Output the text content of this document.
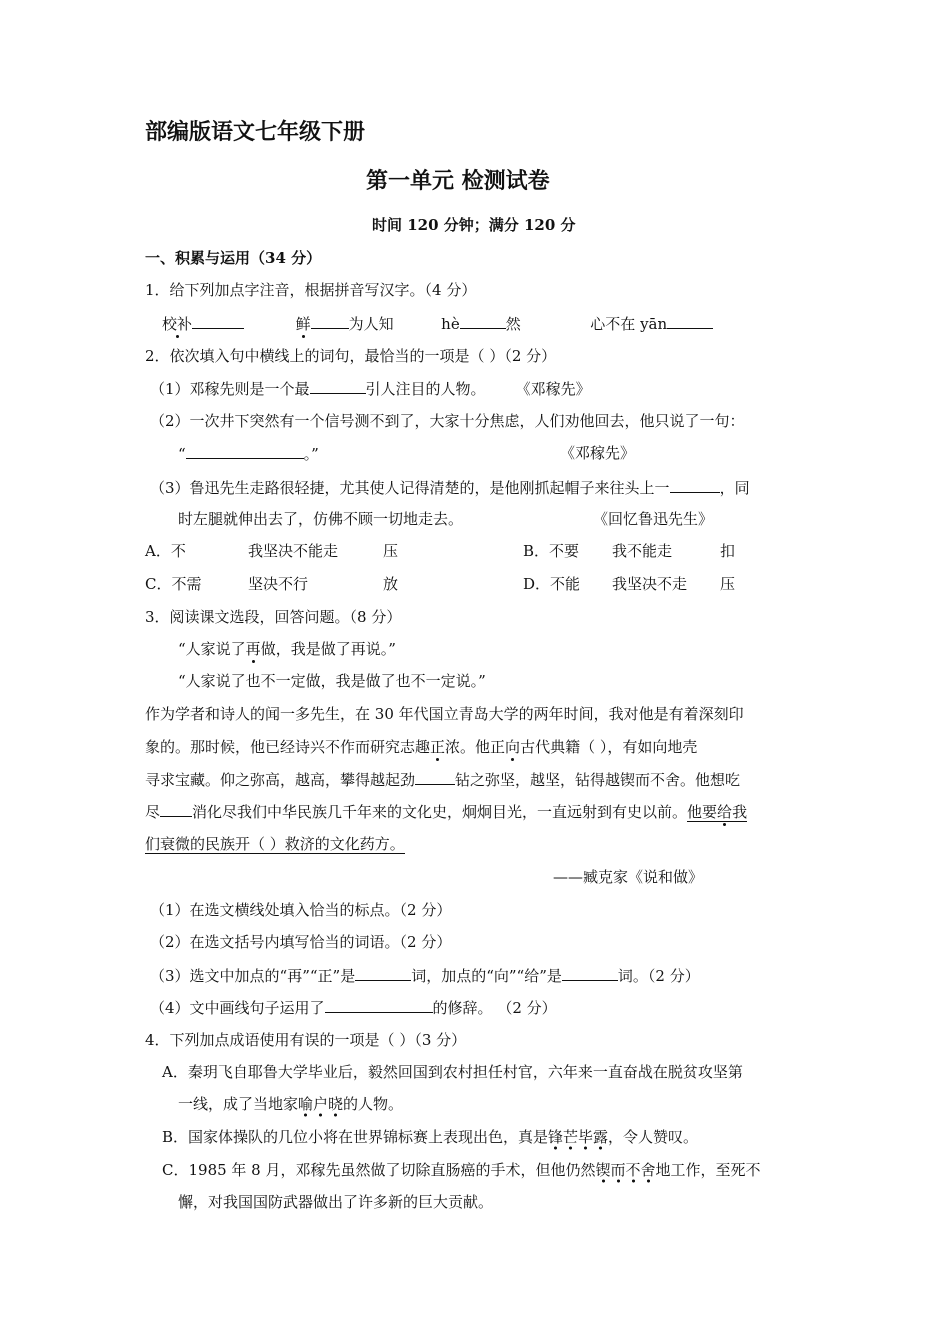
部编版语文七年级下册
第一单元 检测试卷
时间 120 分钟；满分 120 分
一、积累与运用（34 分）
1．给下列加点字注音，根据拼音写汉字。（4 分）
校补	鲜	为人知	hè	然	心不在 yān
2．依次填入句中横线上的词句，最恰当的一项是（ ）（2 分）
（1）邓稼先则是一个最	引人注目的人物。 《邓稼先》
（2）一次井下突然有一个信号测不到了，大家十分焦虑，人们劝他回去，他只说了一句：
“	。”	《邓稼先》
（3）鲁迅先生走路很轻捷，尤其使人记得清楚的，是他刚抓起帽子来往头上一	，同
时左腿就伸出去了，仿佛不顾一切地走去。	《回忆鲁迅先生》
A．不	我坚决不能走	压	B．不要 我不能走	扣
C．不需	坚决不行	放	D．不能 我坚决不走 压
3．阅读课文选段，回答问题。（8 分）
“人家说了再做，我是做了再说。”
“人家说了也不一定做，我是做了也不一定说。”
作为学者和诗人的闻一多先生，在 30 年代国立青岛大学的两年时间，我对他是有着深刻印
象的。那时候，他已经诗兴不作而研究志趣正浓。他正向古代典籍（ ），有如向地壳
寻求宝藏。仰之弥高，越高，攀得越起劲	钻之弥坚，越坚，钻得越锲而不舍。他想吃
尽 消化尽我们中华民族几千年来的文化史，炯炯目光，一直远射到有史以前。他要给我
们衰微的民族开（ ）救济的文化药方。
——臧克家《说和做》
（1）在选文横线处填入恰当的标点。（2 分）
（2）在选文括号内填写恰当的词语。（2 分）
（3）选文中加点的“再”“正”是	词，加点的“向”“给”是	词。（2 分）
（4）文中画线句子运用了	的修辞。 （2 分）
4．下列加点成语使用有误的一项是（ ）（3 分）
A．秦玥飞自耶鲁大学毕业后，毅然回国到农村担任村官，六年来一直奋战在脱贫攻坚第
一线，成了当地家喻户晓的人物。
B．国家体操队的几位小将在世界锦标赛上表现出色，真是锋芒毕露，令人赞叹。
C．1985 年 8 月，邓稼先虽然做了切除直肠癌的手术，但他仍然锲而不舍地工作，至死不
懈，对我国国防武器做出了许多新的巨大贡献。
